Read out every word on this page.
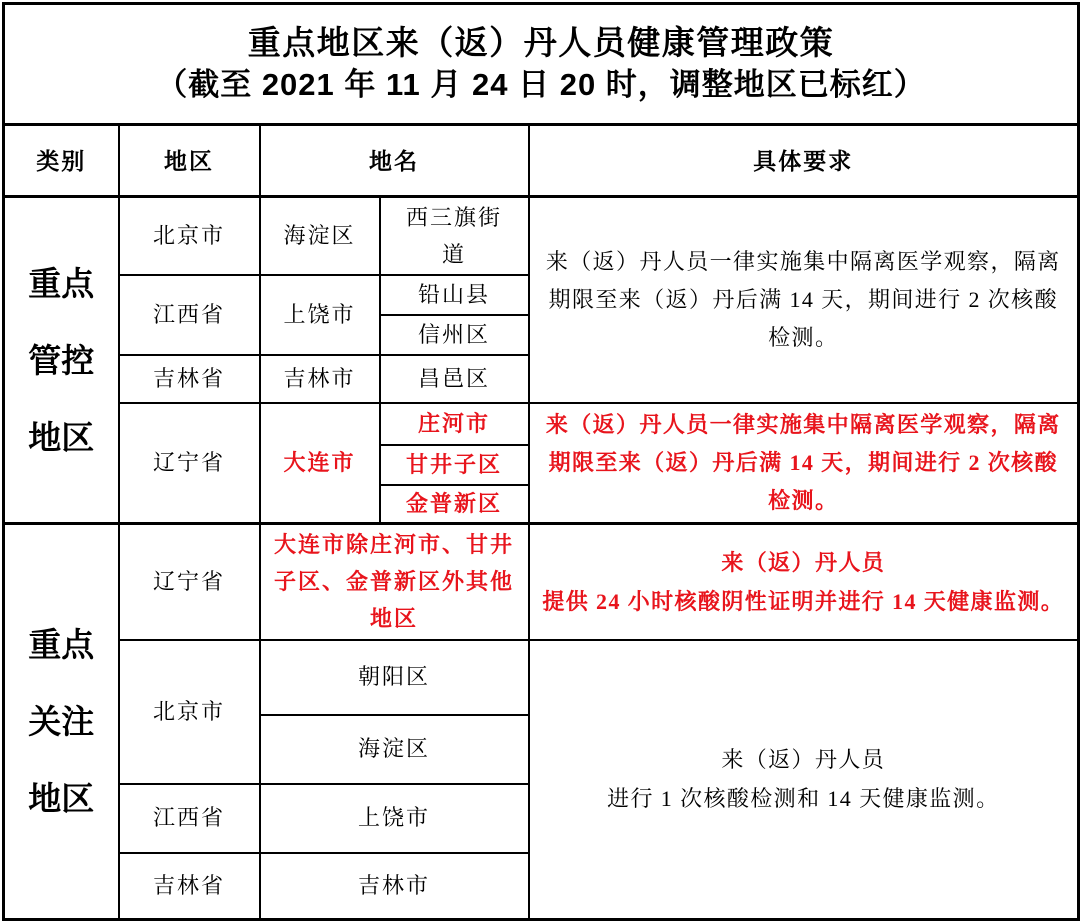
重点地区来（返）丹人员健康管理政策
（截至 2021 年 11 月 24 日 20 时，调整地区已标红）				

类别	地区	地名		具体要求

重点管控地区	北京市	海淀区	西三旗街道	来（返）丹人员一律实施集中隔离医学观察，隔离期限至来（返）丹后满 14 天，期间进行 2 次核酸检测。

	江西省	上饶市	铅山县	
			信州区	
	吉林省	吉林市	昌邑区	
	辽宁省	大连市	庄河市	来（返）丹人员一律实施集中隔离医学观察，隔离期限至来（返）丹后满 14 天，期间进行 2 次核酸检测。

			甘井子区	
			金普新区	

重点关注地区	辽宁省	大连市除庄河市、甘井子区、金普新区外其他地区		来（返）丹人员
提供 24 小时核酸阴性证明并进行 14 天健康监测。

	北京市	朝阳区		来（返）丹人员
进行 1 次核酸检测和 14 天健康监测。

		海淀区		
	江西省	上饶市		
	吉林省	吉林市		
